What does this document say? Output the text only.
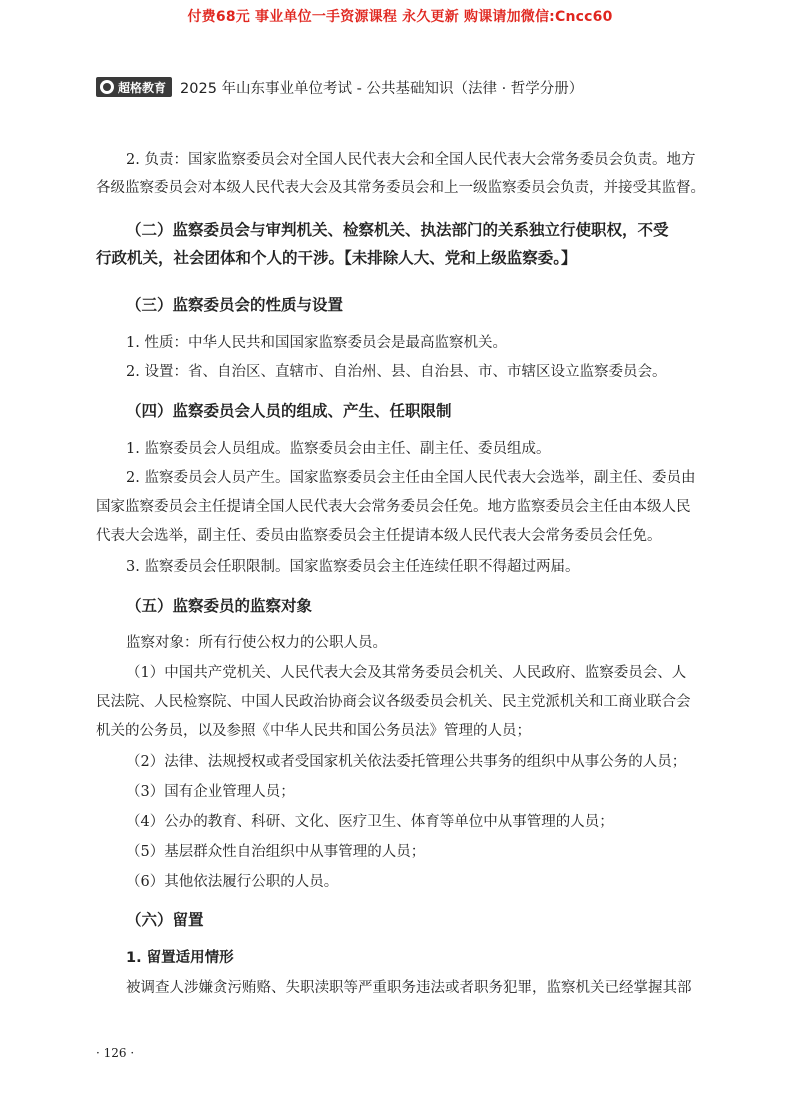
付费68元 事业单位一手资源课程 永久更新 购课请加微信:Cncc60
超格教育 2025 年山东事业单位考试 - 公共基础知识（法律 · 哲学分册）
2. 负责：国家监察委员会对全国人民代表大会和全国人民代表大会常务委员会负责。地方
各级监察委员会对本级人民代表大会及其常务委员会和上一级监察委员会负责，并接受其监督。
（二）监察委员会与审判机关、检察机关、执法部门的关系独立行使职权，不受
行政机关，社会团体和个人的干涉。【未排除人大、党和上级监察委。】
（三）监察委员会的性质与设置
1. 性质：中华人民共和国国家监察委员会是最高监察机关。
2. 设置：省、自治区、直辖市、自治州、县、自治县、市、市辖区设立监察委员会。
（四）监察委员会人员的组成、产生、任职限制
1. 监察委员会人员组成。监察委员会由主任、副主任、委员组成。
2. 监察委员会人员产生。国家监察委员会主任由全国人民代表大会选举，副主任、委员由
国家监察委员会主任提请全国人民代表大会常务委员会任免。地方监察委员会主任由本级人民
代表大会选举，副主任、委员由监察委员会主任提请本级人民代表大会常务委员会任免。
3. 监察委员会任职限制。国家监察委员会主任连续任职不得超过两届。
（五）监察委员的监察对象
监察对象：所有行使公权力的公职人员。
（1）中国共产党机关、人民代表大会及其常务委员会机关、人民政府、监察委员会、人
民法院、人民检察院、中国人民政治协商会议各级委员会机关、民主党派机关和工商业联合会
机关的公务员，以及参照《中华人民共和国公务员法》管理的人员；
（2）法律、法规授权或者受国家机关依法委托管理公共事务的组织中从事公务的人员；
（3）国有企业管理人员；
（4）公办的教育、科研、文化、医疗卫生、体育等单位中从事管理的人员；
（5）基层群众性自治组织中从事管理的人员；
（6）其他依法履行公职的人员。
（六）留置
1. 留置适用情形
被调查人涉嫌贪污贿赂、失职渎职等严重职务违法或者职务犯罪，监察机关已经掌握其部
· 126 ·
